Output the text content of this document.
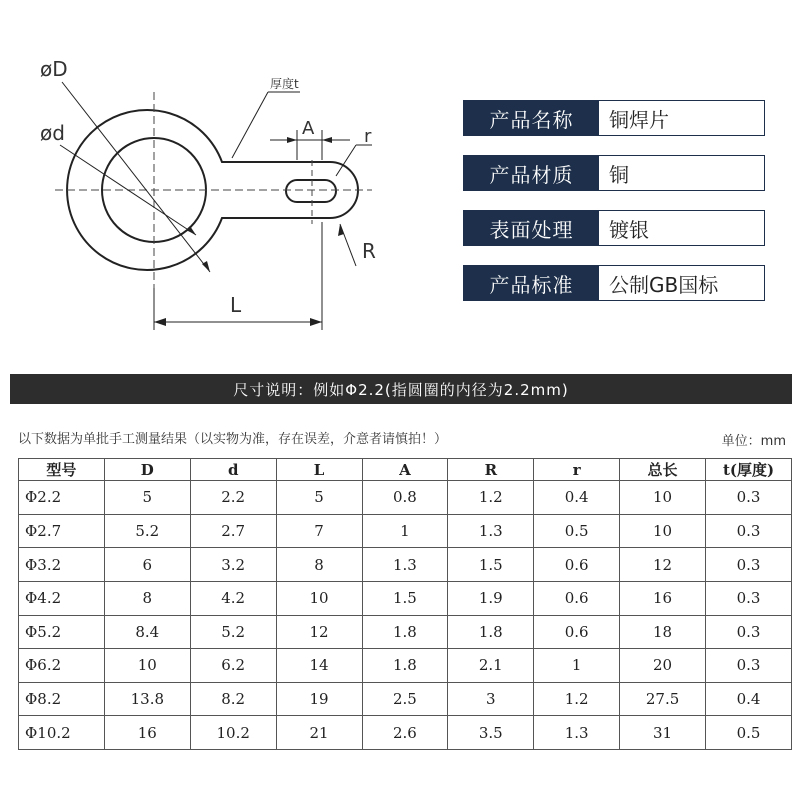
øD
ød
厚度t
A	r
R
L
产品名称	铜焊片
产品材质	铜
表面处理	镀银
产品标准	公制GB国标
尺寸说明：例如Φ2.2(指圆圈的内径为2.2mm)
以下数据为单批手工测量结果（以实物为准，存在误差，介意者请慎拍！）	单位：mm
型号	D	d	L	A	R	r	总长	t(厚度)
Φ2.2	5	2.2	5	0.8	1.2	0.4	10	0.3
Φ2.7	5.2	2.7	7	1	1.3	0.5	10	0.3
Φ3.2	6	3.2	8	1.3	1.5	0.6	12	0.3
Φ4.2	8	4.2	10	1.5	1.9	0.6	16	0.3
Φ5.2	8.4	5.2	12	1.8	1.8	0.6	18	0.3
Φ6.2	10	6.2	14	1.8	2.1	1	20	0.3
Φ8.2	13.8	8.2	19	2.5	3	1.2	27.5	0.4
Φ10.2	16	10.2	21	2.6	3.5	1.3	31	0.5
